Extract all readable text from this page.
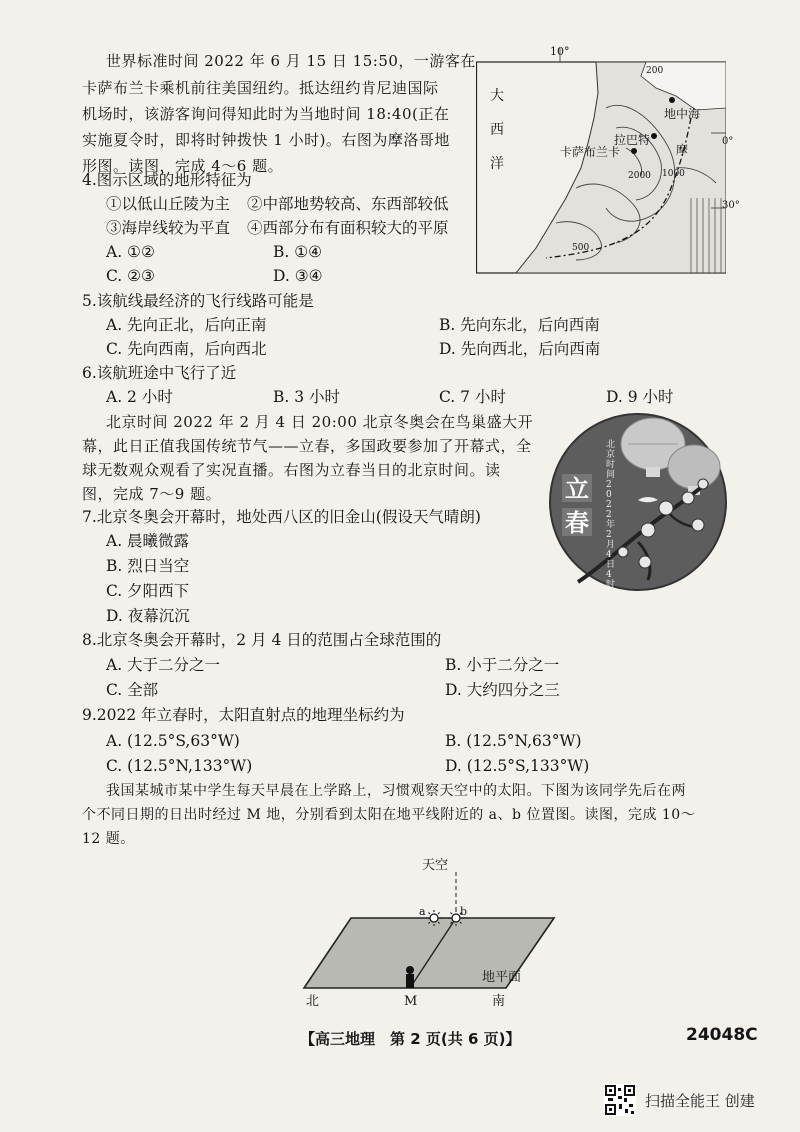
世界标准时间 2022 年 6 月 15 日 15:50，一游客在
卡萨布兰卡乘机前往美国纽约。抵达纽约肯尼迪国际
机场时，该游客询问得知此时为当地时间 18:40(正在
实施夏令时，即将时钟拨快 1 小时)。右图为摩洛哥地
形图。读图，完成 4～6 题。
10°
0°
30°
大
西
洋
地中海
拉巴特
卡萨布兰卡	摩
200
2000 1000
500
4.图示区域的地形特征为
①以低山丘陵为主 ②中部地势较高、东西部较低
③海岸线较为平直 ④西部分布有面积较大的平原
A. ①②	B. ①④
C. ②③	D. ③④
5.该航线最经济的飞行线路可能是
A. 先向正北，后向正南	B. 先向东北，后向西南
C. 先向西南，后向西北	D. 先向西北，后向西南
6.该航班途中飞行了近
A. 2 小时	B. 3 小时	C. 7 小时	D. 9 小时
北京时间 2022 年 2 月 4 日 20:00 北京冬奥会在鸟巢盛大开
幕，此日正值我国传统节气——立春，多国政要参加了开幕式，全
球无数观众观看了实况直播。右图为立春当日的北京时间。读
图，完成 7～9 题。	立
春
北京时间2022年2月4日4时51分
7.北京冬奥会开幕时，地处西八区的旧金山(假设天气晴朗)
A. 晨曦微露
B. 烈日当空
C. 夕阳西下
D. 夜幕沉沉
8.北京冬奥会开幕时，2 月 4 日的范围占全球范围的
A. 大于二分之一	B. 小于二分之一
C. 全部	D. 大约四分之三
9.2022 年立春时，太阳直射点的地理坐标约为
A. (12.5°S,63°W)	B. (12.5°N,63°W)
C. (12.5°N,133°W)	D. (12.5°S,133°W)
我国某城市某中学生每天早晨在上学路上，习惯观察天空中的太阳。下图为该同学先后在两
个不同日期的日出时经过 M 地，分别看到太阳在地平线附近的 a、b 位置图。读图，完成 10～
12 题。
天空
a	b
地平面
北	M	南
【高三地理　第 2 页(共 6 页)】	24048C
扫描全能王 创建
